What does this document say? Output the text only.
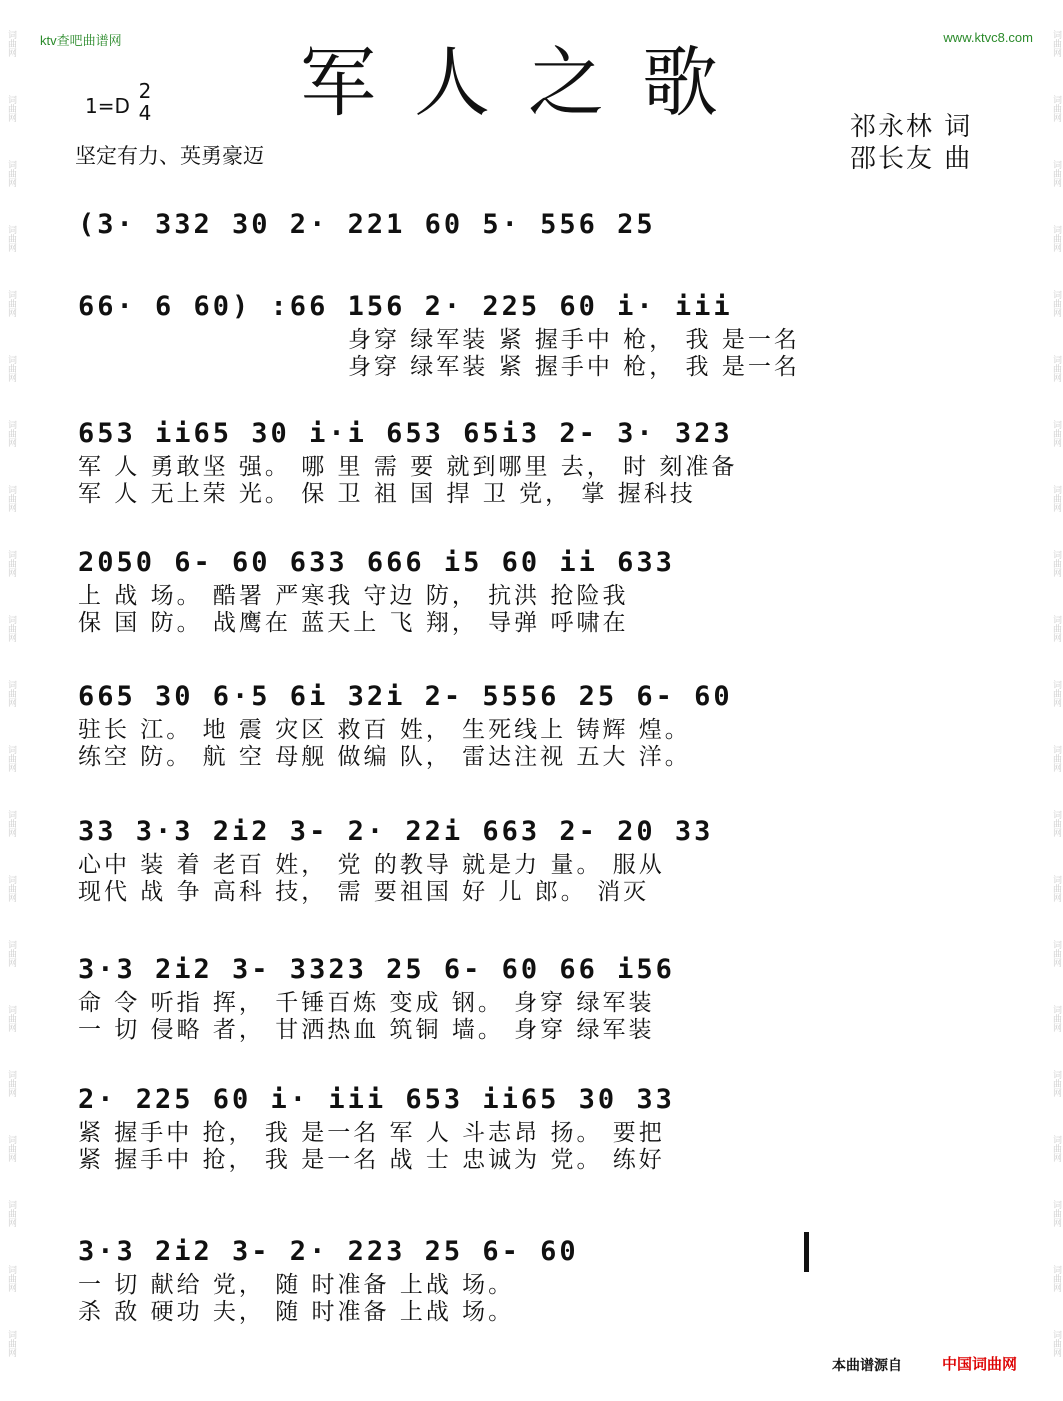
ktv查吧曲谱网	www.ktvc8.com
词曲网
词曲网
词曲网
词曲网
词曲网
词曲网
词曲网
词曲网
词曲网
词曲网
词曲网
词曲网
词曲网
词曲网
词曲网
词曲网
词曲网
词曲网
词曲网
词曲网
词曲网
词曲网
词曲网
词曲网
词曲网
词曲网
词曲网
词曲网
词曲网
词曲网
词曲网
词曲网
词曲网
词曲网
词曲网
词曲网
词曲网
词曲网
词曲网
词曲网
词曲网
词曲网
军人之歌
1=D
2
4
坚定有力、英勇豪迈
祁永林 词
邵长友 曲
(3· 332 30 2· 221 60 5· 556 25
66· 6 60) :66 156 2· 225 60 i· iii
身穿 绿军装 紧 握手中 枪， 我 是一名
身穿 绿军装 紧 握手中 枪， 我 是一名
653 ii65 30 i·i 653 65i3 2- 3· 323
军 人 勇敢坚 强。 哪 里 需 要 就到哪里 去， 时 刻准备
军 人 无上荣 光。 保 卫 祖 国 捍 卫 党， 掌 握科技
2050 6- 60 633 666 i5 60 ii 633
上 战 场。 酷署 严寒我 守边 防， 抗洪 抢险我
保 国 防。 战鹰在 蓝天上 飞 翔， 导弹 呼啸在
665 30 6·5 6i 32i 2- 5556 25 6- 60
驻长 江。 地 震 灾区 救百 姓， 生死线上 铸辉 煌。
练空 防。 航 空 母舰 做编 队， 雷达注视 五大 洋。
33 3·3 2i2 3- 2· 22i 663 2- 20 33
心中 装 着 老百 姓， 党 的教导 就是力 量。 服从
现代 战 争 高科 技， 需 要祖国 好 儿 郎。 消灭
3·3 2i2 3- 3323 25 6- 60 66 i56
命 令 听指 挥， 千锤百炼 变成 钢。 身穿 绿军装
一 切 侵略 者， 甘洒热血 筑铜 墙。 身穿 绿军装
2· 225 60 i· iii 653 ii65 30 33
紧 握手中 抢， 我 是一名 军 人 斗志昂 扬。 要把
紧 握手中 抢， 我 是一名 战 士 忠诚为 党。 练好
3·3 2i2 3- 2· 223 25 6- 60
一 切 献给 党， 随 时准备 上战 场。
杀 敌 硬功 夫， 随 时准备 上战 场。
本曲谱源自	中国词曲网
